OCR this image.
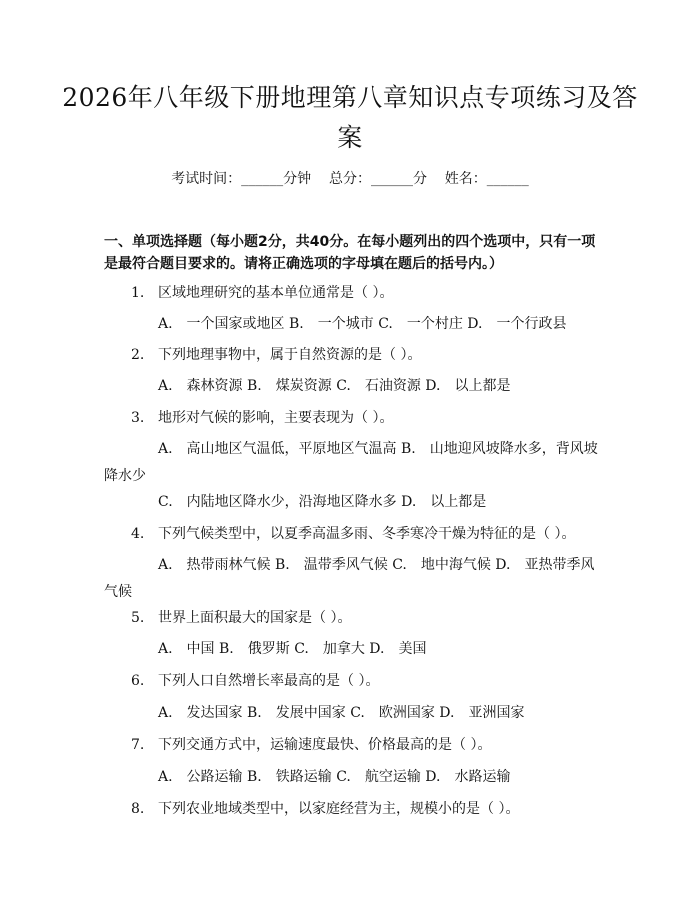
2026年八年级下册地理第八章知识点专项练习及答案
考试时间：______分钟    总分：______分    姓名：______
一、单项选择题（每小题2分，共40分。在每小题列出的四个选项中，只有一项是最符合题目要求的。请将正确选项的字母填在题后的括号内。）
1. 区域地理研究的基本单位通常是（ ）。
A.　一个国家或地区 B.　一个城市 C.　一个村庄 D.　一个行政县
2. 下列地理事物中，属于自然资源的是（ ）。
A.　森林资源 B.　煤炭资源 C.　石油资源 D.　以上都是
3. 地形对气候的影响，主要表现为（ ）。
A.　高山地区气温低，平原地区气温高 B.　山地迎风坡降水多，背风坡降水少
C.　内陆地区降水少，沿海地区降水多 D.　以上都是
4. 下列气候类型中，以夏季高温多雨、冬季寒冷干燥为特征的是（ ）。
A.　热带雨林气候 B.　温带季风气候 C.　地中海气候 D.　亚热带季风气候
5. 世界上面积最大的国家是（ ）。
A.　中国 B.　俄罗斯 C.　加拿大 D.　美国
6. 下列人口自然增长率最高的是（ ）。
A.　发达国家 B.　发展中国家 C.　欧洲国家 D.　亚洲国家
7. 下列交通方式中，运输速度最快、价格最高的是（ ）。
A.　公路运输 B.　铁路运输 C.　航空运输 D.　水路运输
8. 下列农业地域类型中，以家庭经营为主，规模小的是（ ）。
